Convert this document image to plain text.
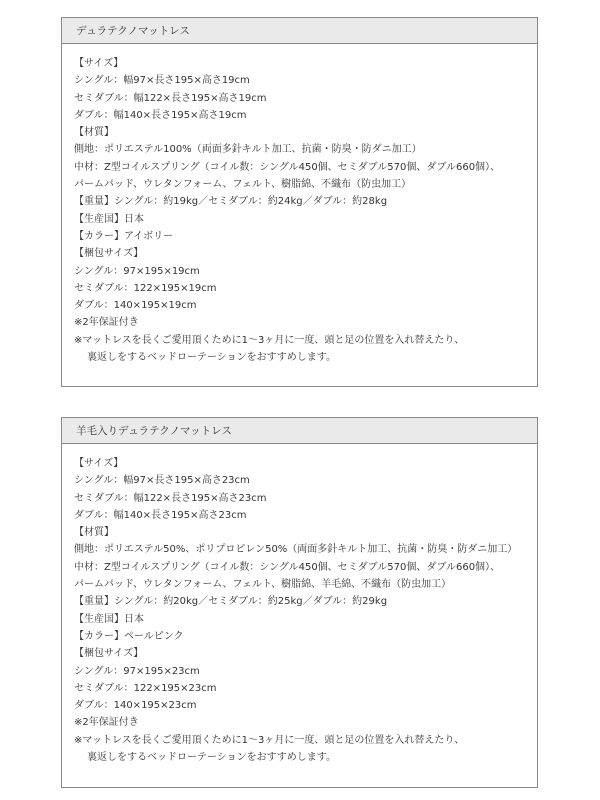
デュラテクノマットレス
【サイズ】
シングル：幅97×長さ195×高さ19cm
セミダブル：幅122×長さ195×高さ19cm
ダブル：幅140×長さ195×高さ19cm
【材質】
側地：ポリエステル100%（両面多針キルト加工、抗菌・防臭・防ダニ加工）
中材：Z型コイルスプリング（コイル数：シングル450個、セミダブル570個、ダブル660個）、
パームパッド、ウレタンフォーム、フェルト、樹脂綿、不織布（防虫加工）
【重量】シングル：約19kg／セミダブル：約24kg／ダブル：約28kg
【生産国】日本
【カラー】アイボリー
【梱包サイズ】
シングル：97×195×19cm
セミダブル：122×195×19cm
ダブル：140×195×19cm
※2年保証付き
※マットレスを長くご愛用頂くために1〜3ヶ月に一度、頭と足の位置を入れ替えたり、
裏返しをするベッドローテーションをおすすめします。
羊毛入りデュラテクノマットレス
【サイズ】
シングル：幅97×長さ195×高さ23cm
セミダブル：幅122×長さ195×高さ23cm
ダブル：幅140×長さ195×高さ23cm
【材質】
側地：ポリエステル50%、ポリプロピレン50%（両面多針キルト加工、抗菌・防臭・防ダニ加工）
中材：Z型コイルスプリング（コイル数：シングル450個、セミダブル570個、ダブル660個）、
パームパッド、ウレタンフォーム、フェルト、樹脂綿、羊毛綿、不織布（防虫加工）
【重量】シングル：約20kg／セミダブル：約25kg／ダブル：約29kg
【生産国】日本
【カラー】ペールピンク
【梱包サイズ】
シングル：97×195×23cm
セミダブル：122×195×23cm
ダブル：140×195×23cm
※2年保証付き
※マットレスを長くご愛用頂くために1〜3ヶ月に一度、頭と足の位置を入れ替えたり、
裏返しをするベッドローテーションをおすすめします。
